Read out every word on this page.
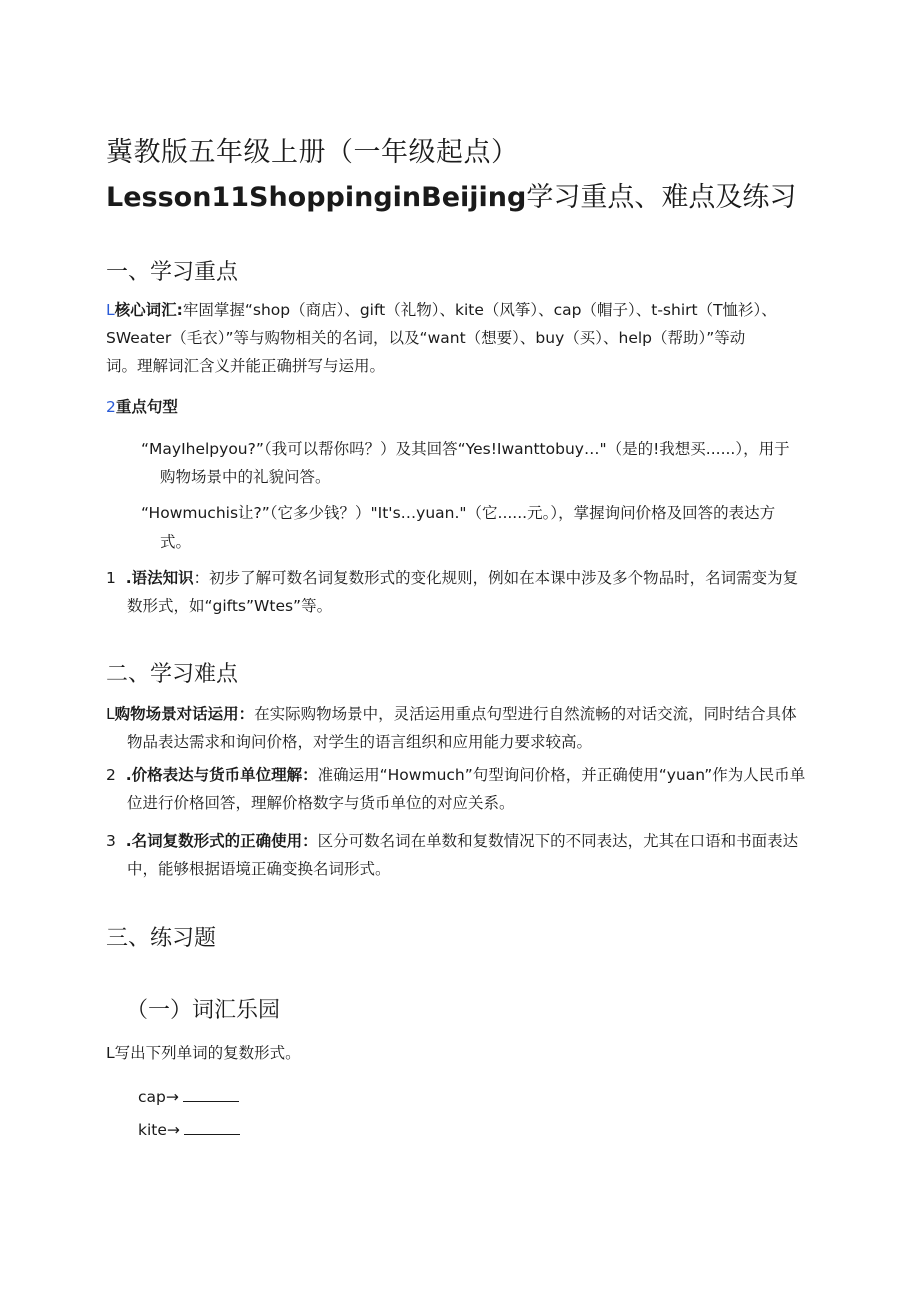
冀教版五年级上册（一年级起点）
Lesson11ShoppinginBeijing学习重点、难点及练习
一、学习重点
L核心词汇:牢固掌握“shop（商店）、gift（礼物）、kite（风筝）、cap（帽子）、t-shirt（T恤衫）、
SWeater（毛衣）”等与购物相关的名词，以及“want（想要）、buy（买）、help（帮助）”等动
词。理解词汇含义并能正确拼写与运用。
2重点句型
“MayIhelpyou?”（我可以帮你吗？）及其回答“Yes!Iwanttobuy…"（是的!我想买......），用于
购物场景中的礼貌问答。
“Howmuchis让?”（它多少钱？）"It's…yuan."（它......元。），掌握询问价格及回答的表达方
式。
1 .语法知识：初步了解可数名词复数形式的变化规则，例如在本课中涉及多个物品时，名词需变为复
数形式，如“gifts”Wtes”等。
二、学习难点
L购物场景对话运用：在实际购物场景中，灵活运用重点句型进行自然流畅的对话交流，同时结合具体
物品表达需求和询问价格，对学生的语言组织和应用能力要求较高。
2 .价格表达与货币单位理解：准确运用“Howmuch”句型询问价格，并正确使用“yuan”作为人民币单
位进行价格回答，理解价格数字与货币单位的对应关系。
3 .名词复数形式的正确使用：区分可数名词在单数和复数情况下的不同表达，尤其在口语和书面表达
中，能够根据语境正确变换名词形式。
三、练习题
（一）词汇乐园
L写出下列单词的复数形式。
cap→
kite→
